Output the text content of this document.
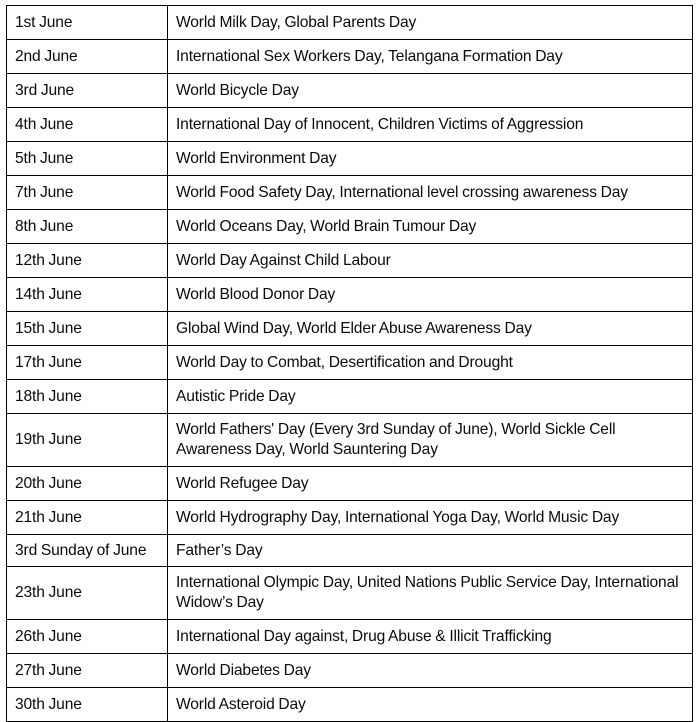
1st June	World Milk Day, Global Parents Day
2nd June	International Sex Workers Day, Telangana Formation Day
3rd June	World Bicycle Day
4th June	International Day of Innocent, Children Victims of Aggression
5th June	World Environment Day
7th June	World Food Safety Day, International level crossing awareness Day
8th June	World Oceans Day, World Brain Tumour Day
12th June	World Day Against Child Labour
14th June	World Blood Donor Day
15th June	Global Wind Day, World Elder Abuse Awareness Day
17th June	World Day to Combat, Desertification and Drought
18th June	Autistic Pride Day
19th June	World Fathers' Day (Every 3rd Sunday of June), World Sickle Cell Awareness Day, World Sauntering Day
20th June	World Refugee Day
21th June	World Hydrography Day, International Yoga Day, World Music Day
3rd Sunday of June	Father’s Day
23th June	International Olympic Day, United Nations Public Service Day, International Widow’s Day
26th June	International Day against, Drug Abuse & Illicit Trafficking
27th June	World Diabetes Day
30th June	World Asteroid Day
